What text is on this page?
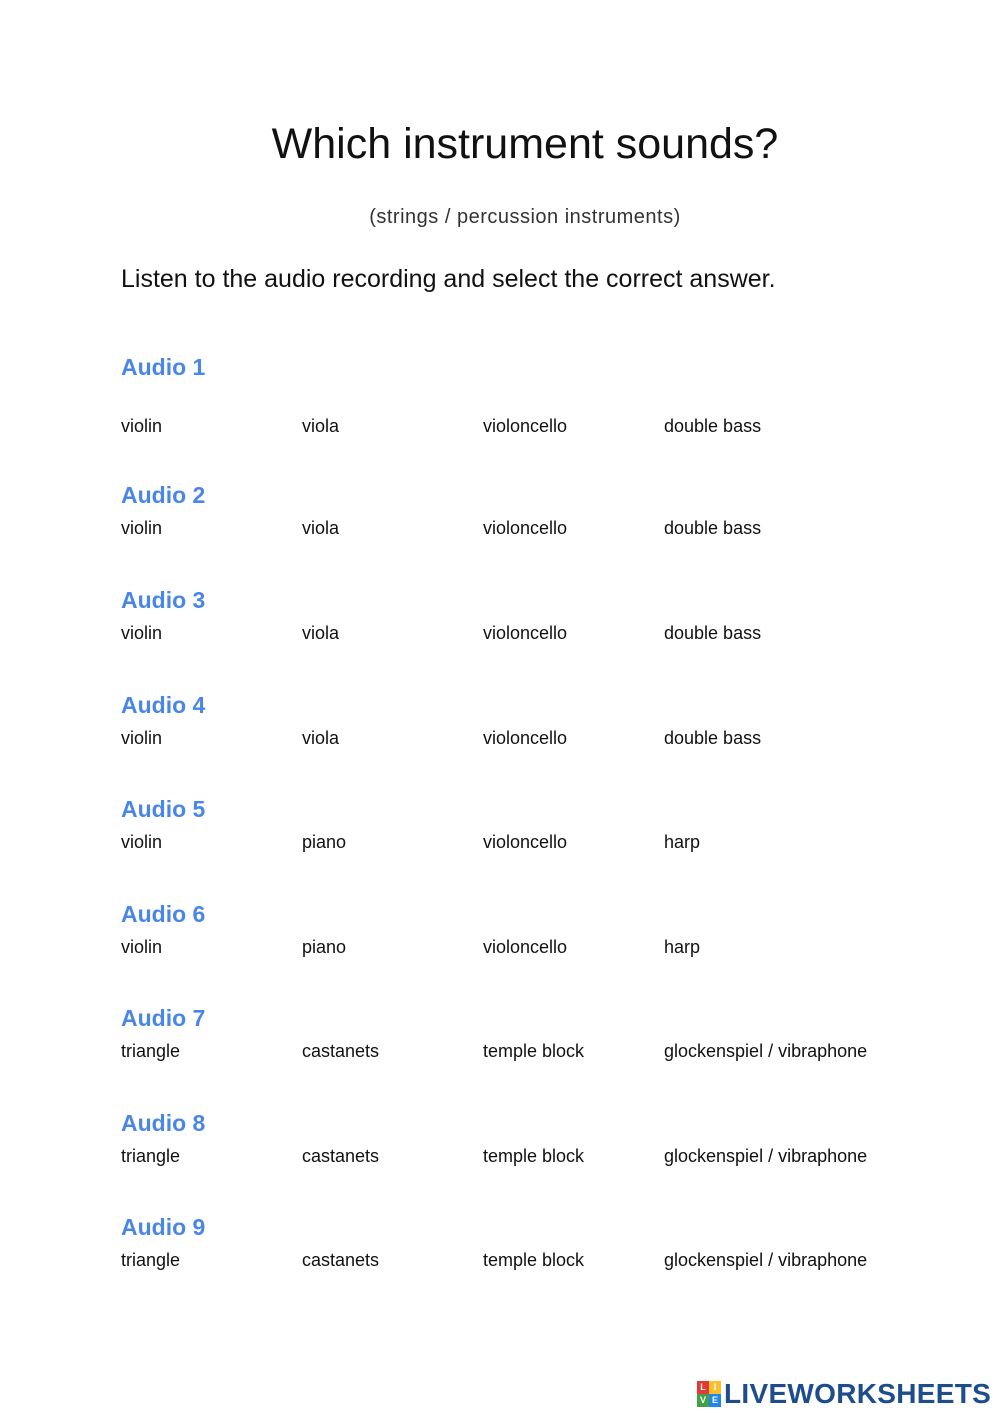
Which instrument sounds?
(strings / percussion instruments)
Listen to the audio recording and select the correct answer.
Audio 1
violin	viola	violoncello	double bass
Audio 2
violin	viola	violoncello	double bass
Audio 3
violin	viola	violoncello	double bass
Audio 4
violin	viola	violoncello	double bass
Audio 5
violin	piano	violoncello	harp
Audio 6
violin	piano	violoncello	harp
Audio 7
triangle	castanets	temple block	glockenspiel / vibraphone
Audio 8
triangle	castanets	temple block	glockenspiel / vibraphone
Audio 9
triangle	castanets	temple block	glockenspiel / vibraphone
L I
V E LIVEWORKSHEETS
